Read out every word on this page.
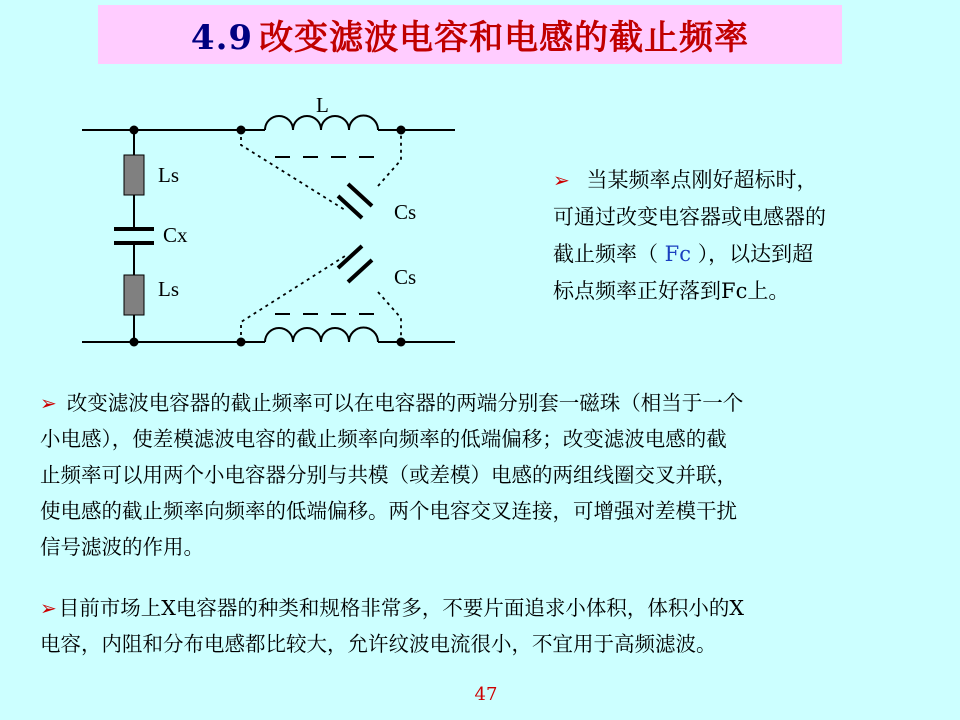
4.9 改变滤波电容和电感的截止频率
L
Ls
Cx
Ls
Cs
Cs
➢ 当某频率点刚好超标时，
可通过改变电容器或电感器的
截止频率（ Fc ），以达到超
标点频率正好落到Fc上。
➢ 改变滤波电容器的截止频率可以在电容器的两端分别套一磁珠（相当于一个
小电感），使差模滤波电容的截止频率向频率的低端偏移；改变滤波电感的截
止频率可以用两个小电容器分别与共模（或差模）电感的两组线圈交叉并联，
使电感的截止频率向频率的低端偏移。两个电容交叉连接，可增强对差模干扰
信号滤波的作用。
➢目前市场上X电容器的种类和规格非常多，不要片面追求小体积，体积小的X
电容，内阻和分布电感都比较大，允许纹波电流很小，不宜用于高频滤波。
47
